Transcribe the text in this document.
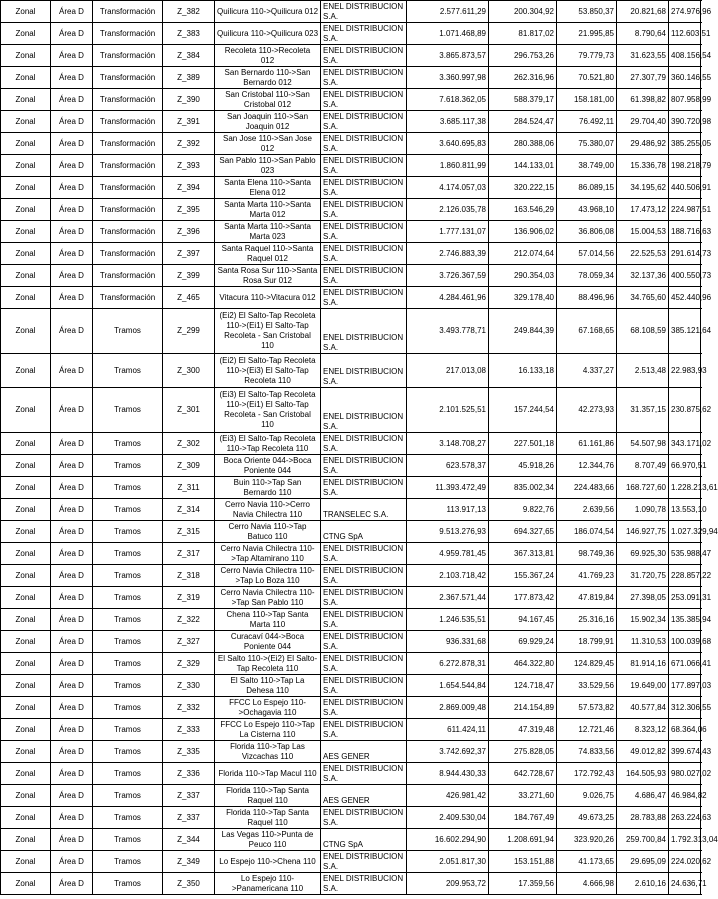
Zonal	Área D	Transformación	Z_382	Quilicura 110->Quilicura 012	ENEL DISTRIBUCION S.A.	2.577.611,29	200.304,92	53.850,37	20.821,68	274.976,96
Zonal	Área D	Transformación	Z_383	Quilicura 110->Quilicura 023	ENEL DISTRIBUCION S.A.	1.071.468,89	81.817,02	21.995,85	8.790,64	112.603,51
Zonal	Área D	Transformación	Z_384	Recoleta 110->Recoleta 012	ENEL DISTRIBUCION S.A.	3.865.873,57	296.753,26	79.779,73	31.623,55	408.156,54
Zonal	Área D	Transformación	Z_389	San Bernardo 110->San Bernardo 012	ENEL DISTRIBUCION S.A.	3.360.997,98	262.316,96	70.521,80	27.307,79	360.146,55
Zonal	Área D	Transformación	Z_390	San Cristobal 110->San Cristobal 012	ENEL DISTRIBUCION S.A.	7.618.362,05	588.379,17	158.181,00	61.398,82	807.958,99
Zonal	Área D	Transformación	Z_391	San Joaquin 110->San Joaquin 012	ENEL DISTRIBUCION S.A.	3.685.117,38	284.524,47	76.492,11	29.704,40	390.720,98
Zonal	Área D	Transformación	Z_392	San Jose 110->San Jose 012	ENEL DISTRIBUCION S.A.	3.640.695,83	280.388,06	75.380,07	29.486,92	385.255,05
Zonal	Área D	Transformación	Z_393	San Pablo 110->San Pablo 023	ENEL DISTRIBUCION S.A.	1.860.811,99	144.133,01	38.749,00	15.336,78	198.218,79
Zonal	Área D	Transformación	Z_394	Santa Elena 110->Santa Elena 012	ENEL DISTRIBUCION S.A.	4.174.057,03	320.222,15	86.089,15	34.195,62	440.506,91
Zonal	Área D	Transformación	Z_395	Santa Marta 110->Santa Marta 012	ENEL DISTRIBUCION S.A.	2.126.035,78	163.546,29	43.968,10	17.473,12	224.987,51
Zonal	Área D	Transformación	Z_396	Santa Marta 110->Santa Marta 023	ENEL DISTRIBUCION S.A.	1.777.131,07	136.906,02	36.806,08	15.004,53	188.716,63
Zonal	Área D	Transformación	Z_397	Santa Raquel 110->Santa Raquel 012	ENEL DISTRIBUCION S.A.	2.746.883,39	212.074,64	57.014,56	22.525,53	291.614,73
Zonal	Área D	Transformación	Z_399	Santa Rosa Sur 110->Santa Rosa Sur 012	ENEL DISTRIBUCION S.A.	3.726.367,59	290.354,03	78.059,34	32.137,36	400.550,73
Zonal	Área D	Transformación	Z_465	Vitacura 110->Vitacura 012	ENEL DISTRIBUCION S.A.	4.284.461,96	329.178,40	88.496,96	34.765,60	452.440,96
Zonal	Área D	Tramos	Z_299	(Ei2) El Salto-Tap Recoleta 110->(Ei1) El Salto-Tap Recoleta - San Cristobal 110	ENEL DISTRIBUCION S.A.	3.493.778,71	249.844,39	67.168,65	68.108,59	385.121,64
Zonal	Área D	Tramos	Z_300	(Ei2) El Salto-Tap Recoleta 110->(Ei3) El Salto-Tap Recoleta 110	ENEL DISTRIBUCION S.A.	217.013,08	16.133,18	4.337,27	2.513,48	22.983,93
Zonal	Área D	Tramos	Z_301	(Ei3) El Salto-Tap Recoleta 110->(Ei1) El Salto-Tap Recoleta - San Cristobal 110	ENEL DISTRIBUCION S.A.	2.101.525,51	157.244,54	42.273,93	31.357,15	230.875,62
Zonal	Área D	Tramos	Z_302	(Ei3) El Salto-Tap Recoleta 110->Tap Recoleta 110	ENEL DISTRIBUCION S.A.	3.148.708,27	227.501,18	61.161,86	54.507,98	343.171,02
Zonal	Área D	Tramos	Z_309	Boca Oriente 044->Boca Poniente 044	ENEL DISTRIBUCION S.A.	623.578,37	45.918,26	12.344,76	8.707,49	66.970,51
Zonal	Área D	Tramos	Z_311	Buin 110->Tap San Bernardo 110	ENEL DISTRIBUCION S.A.	11.393.472,49	835.002,34	224.483,66	168.727,60	1.228.213,61
Zonal	Área D	Tramos	Z_314	Cerro Navia 110->Cerro Navia Chilectra 110	TRANSELEC S.A.	113.917,13	9.822,76	2.639,56	1.090,78	13.553,10
Zonal	Área D	Tramos	Z_315	Cerro Navia 110->Tap Batuco 110	CTNG SpA	9.513.276,93	694.327,65	186.074,54	146.927,75	1.027.329,94
Zonal	Área D	Tramos	Z_317	Cerro Navia Chilectra 110->Tap Altamirano 110	ENEL DISTRIBUCION S.A.	4.959.781,45	367.313,81	98.749,36	69.925,30	535.988,47
Zonal	Área D	Tramos	Z_318	Cerro Navia Chilectra 110->Tap Lo Boza 110	ENEL DISTRIBUCION S.A.	2.103.718,42	155.367,24	41.769,23	31.720,75	228.857,22
Zonal	Área D	Tramos	Z_319	Cerro Navia Chilectra 110->Tap San Pablo 110	ENEL DISTRIBUCION S.A.	2.367.571,44	177.873,42	47.819,84	27.398,05	253.091,31
Zonal	Área D	Tramos	Z_322	Chena 110->Tap Santa Marta 110	ENEL DISTRIBUCION S.A.	1.246.535,51	94.167,45	25.316,16	15.902,34	135.385,94
Zonal	Área D	Tramos	Z_327	Curacaví 044->Boca Poniente 044	ENEL DISTRIBUCION S.A.	936.331,68	69.929,24	18.799,91	11.310,53	100.039,68
Zonal	Área D	Tramos	Z_329	El Salto 110->(Ei2) El Salto-Tap Recoleta 110	ENEL DISTRIBUCION S.A.	6.272.878,31	464.322,80	124.829,45	81.914,16	671.066,41
Zonal	Área D	Tramos	Z_330	El Salto 110->Tap La Dehesa 110	ENEL DISTRIBUCION S.A.	1.654.544,84	124.718,47	33.529,56	19.649,00	177.897,03
Zonal	Área D	Tramos	Z_332	FFCC Lo Espejo 110->Ochagavia 110	ENEL DISTRIBUCION S.A.	2.869.009,48	214.154,89	57.573,82	40.577,84	312.306,55
Zonal	Área D	Tramos	Z_333	FFCC Lo Espejo 110->Tap La Cisterna 110	ENEL DISTRIBUCION S.A.	611.424,11	47.319,48	12.721,46	8.323,12	68.364,06
Zonal	Área D	Tramos	Z_335	Florida 110->Tap Las Vizcachas 110	AES GENER	3.742.692,37	275.828,05	74.833,56	49.012,82	399.674,43
Zonal	Área D	Tramos	Z_336	Florida 110->Tap Macul 110	ENEL DISTRIBUCION S.A.	8.944.430,33	642.728,67	172.792,43	164.505,93	980.027,02
Zonal	Área D	Tramos	Z_337	Florida 110->Tap Santa Raquel 110	AES GENER	426.981,42	33.271,60	9.026,75	4.686,47	46.984,82
Zonal	Área D	Tramos	Z_337	Florida 110->Tap Santa Raquel 110	ENEL DISTRIBUCION S.A.	2.409.530,04	184.767,49	49.673,25	28.783,88	263.224,63
Zonal	Área D	Tramos	Z_344	Las Vegas 110->Punta de Peuco 110	CTNG SpA	16.602.294,90	1.208.691,94	323.920,26	259.700,84	1.792.313,04
Zonal	Área D	Tramos	Z_349	Lo Espejo 110->Chena 110	ENEL DISTRIBUCION S.A.	2.051.817,30	153.151,88	41.173,65	29.695,09	224.020,62
Zonal	Área D	Tramos	Z_350	Lo Espejo 110->Panamericana 110	ENEL DISTRIBUCION S.A.	209.953,72	17.359,56	4.666,98	2.610,16	24.636,71
